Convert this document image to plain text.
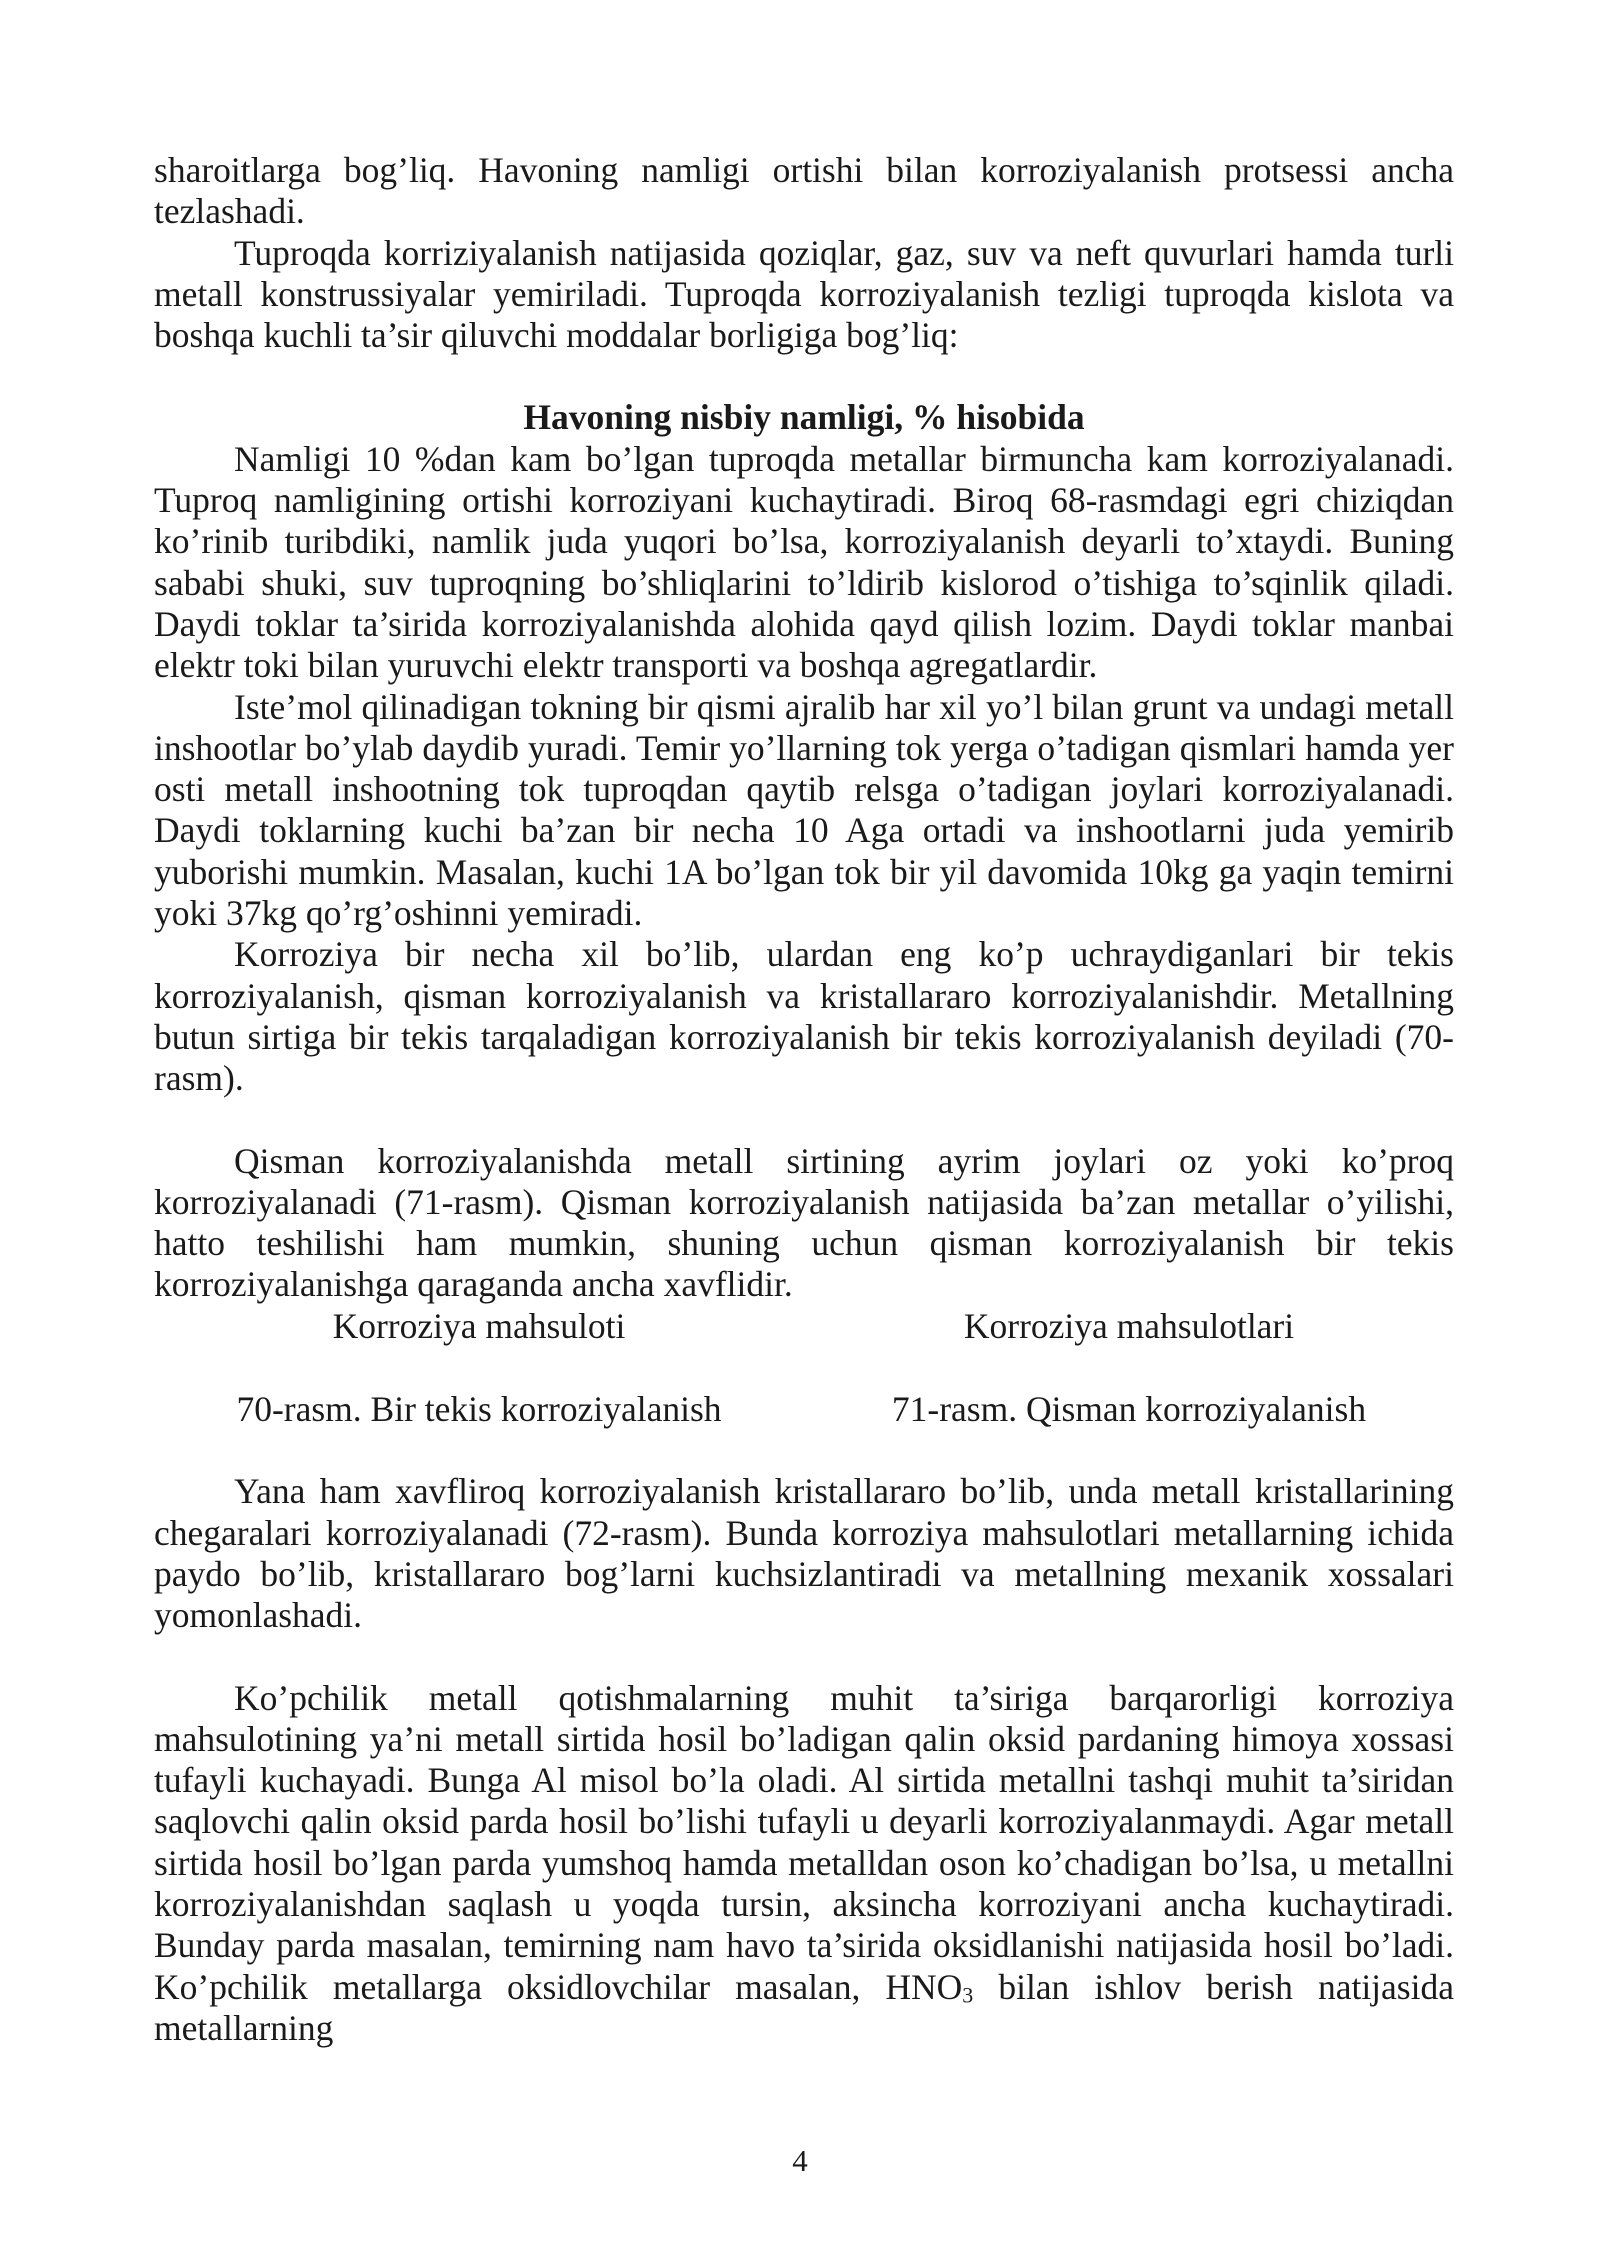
sharoitlarga bog’liq. Havoning namligi ortishi bilan korroziyalanish protsessi ancha tezlashadi.

Tuproqda korriziyalanish natijasida qoziqlar, gaz, suv va neft quvurlari hamda turli metall konstrussiyalar yemiriladi. Tuproqda korroziyalanish tezligi tuproqda kislota va boshqa kuchli ta’sir qiluvchi moddalar borligiga bog’liq:

Havoning nisbiy namligi, % hisobida

Namligi 10 %dan kam bo’lgan tuproqda metallar birmuncha kam korroziyalanadi. Tuproq namligining ortishi korroziyani kuchaytiradi. Biroq 68-rasmdagi egri chiziqdan ko’rinib turibdiki, namlik juda yuqori bo’lsa, korroziyalanish deyarli to’xtaydi. Buning sababi shuki, suv tuproqning bo’shliqlarini to’ldirib kislorod o’tishiga to’sqinlik qiladi. Daydi toklar ta’sirida korroziyalanishda alohida qayd qilish lozim. Daydi toklar manbai elektr toki bilan yuruvchi elektr transporti va boshqa agregatlardir.

Iste’mol qilinadigan tokning bir qismi ajralib har xil yo’l bilan grunt va undagi metall inshootlar bo’ylab daydib yuradi. Temir yo’llarning tok yerga o’tadigan qismlari hamda yer osti metall inshootning tok tuproqdan qaytib relsga o’tadigan joylari korroziyalanadi. Daydi toklarning kuchi ba’zan bir necha 10 Aga ortadi va inshootlarni juda yemirib yuborishi mumkin. Masalan, kuchi 1A bo’lgan tok bir yil davomida 10kg ga yaqin temirni yoki 37kg qo’rg’oshinni yemiradi.

Korroziya bir necha xil bo’lib, ulardan eng ko’p uchraydiganlari bir tekis korroziyalanish, qisman korroziyalanish va kristallararo korroziyalanishdir. Metallning butun sirtiga bir tekis tarqaladigan korroziyalanish bir tekis korroziyalanish deyiladi (70-rasm).

Qisman korroziyalanishda metall sirtining ayrim joylari oz yoki ko’proq korroziyalanadi (71-rasm). Qisman korroziyalanish natijasida ba’zan metallar o’yilishi, hatto teshilishi ham mumkin, shuning uchun qisman korroziyalanish bir tekis korroziyalanishga qaraganda ancha xavflidir.

Korroziya mahsuloti	Korroziya mahsulotlari
70-rasm. Bir tekis korroziyalanish	71-rasm. Qisman korroziyalanish

Yana ham xavfliroq korroziyalanish kristallararo bo’lib, unda metall kristallarining chegaralari korroziyalanadi (72-rasm). Bunda korroziya mahsulotlari metallarning ichida paydo bo’lib, kristallararo bog’larni kuchsizlantiradi va metallning mexanik xossalari yomonlashadi.

Ko’pchilik metall qotishmalarning muhit ta’siriga barqarorligi korroziya mahsulotining ya’ni metall sirtida hosil bo’ladigan qalin oksid pardaning himoya xossasi tufayli kuchayadi. Bunga Al misol bo’la oladi. Al sirtida metallni tashqi muhit ta’siridan saqlovchi qalin oksid parda hosil bo’lishi tufayli u deyarli korroziyalanmaydi. Agar metall sirtida hosil bo’lgan parda yumshoq hamda metalldan oson ko’chadigan bo’lsa, u metallni korroziyalanishdan saqlash u yoqda tursin, aksincha korroziyani ancha kuchaytiradi. Bunday parda masalan, temirning nam havo ta’sirida oksidlanishi natijasida hosil bo’ladi. Ko’pchilik metallarga oksidlovchilar masalan, $HNO_3$ bilan ishlov berish natijasida metallarning

4
